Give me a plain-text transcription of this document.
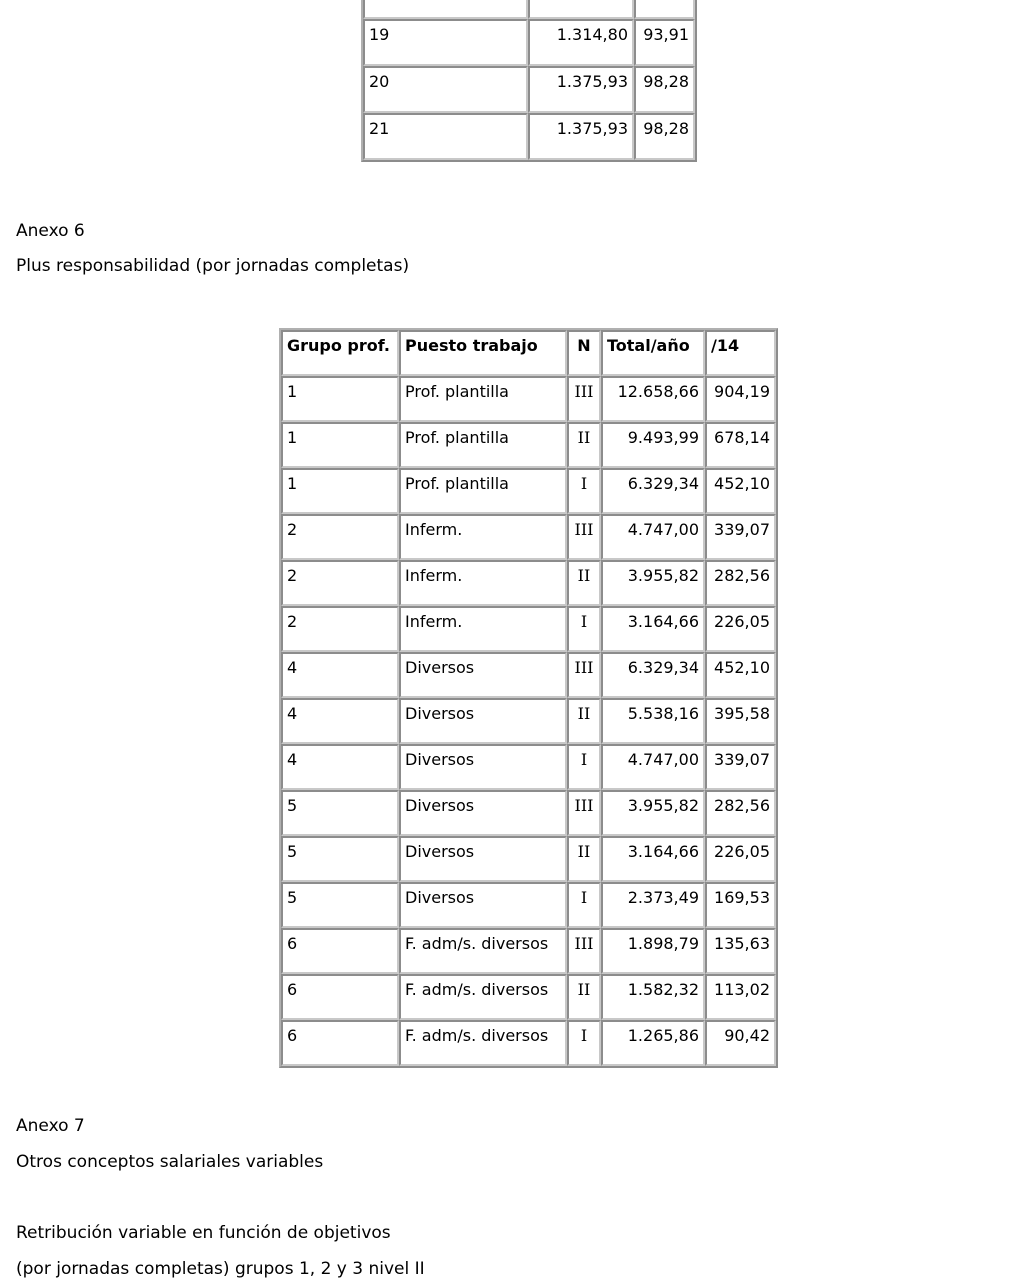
19	1.314,80	93,91
20	1.375,93	98,28
21	1.375,93	98,28

Anexo 6

Plus responsabilidad (por jornadas completas)

Grupo prof.	Puesto trabajo	N	Total/año	/14
1	Prof. plantilla	III	12.658,66	904,19
1	Prof. plantilla	II	9.493,99	678,14
1	Prof. plantilla	I	6.329,34	452,10
2	Inferm.	III	4.747,00	339,07
2	Inferm.	II	3.955,82	282,56
2	Inferm.	I	3.164,66	226,05
4	Diversos	III	6.329,34	452,10
4	Diversos	II	5.538,16	395,58
4	Diversos	I	4.747,00	339,07
5	Diversos	III	3.955,82	282,56
5	Diversos	II	3.164,66	226,05
5	Diversos	I	2.373,49	169,53
6	F. adm/s. diversos	III	1.898,79	135,63
6	F. adm/s. diversos	II	1.582,32	113,02
6	F. adm/s. diversos	I	1.265,86	90,42

Anexo 7

Otros conceptos salariales variables

Retribución variable en función de objetivos

(por jornadas completas) grupos 1, 2 y 3 nivel II
